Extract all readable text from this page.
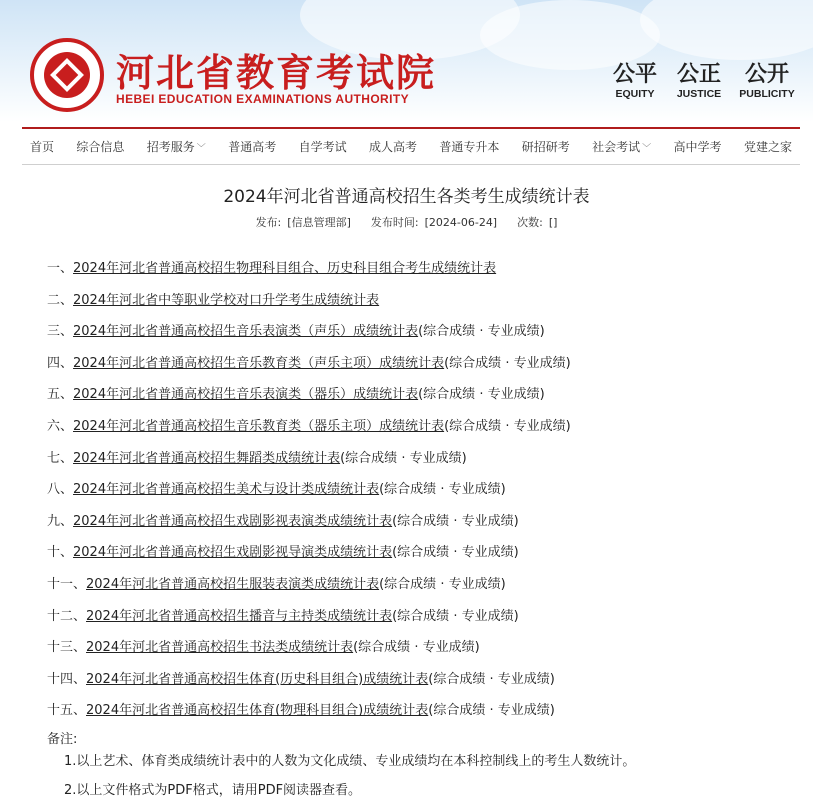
河北省教育考试院
HEBEI EDUCATION EXAMINATIONS AUTHORITY
公平
EQUITY
公正
JUSTICE
公开
PUBLICITY
首页 综合信息 招考服务 ﹀ 普通高考 自学考试 成人高考 普通专升本 研招研考 社会考试 ﹀ 高中学考 党建之家
2024年河北省普通高校招生各类考生成绩统计表
发布: [信息管理部] 发布时间: [2024-06-24] 次数: []
一、2024年河北省普通高校招生物理科目组合、历史科目组合考生成绩统计表
二、2024年河北省中等职业学校对口升学考生成绩统计表
三、2024年河北省普通高校招生音乐表演类（声乐）成绩统计表(综合成绩 · 专业成绩)
四、2024年河北省普通高校招生音乐教育类（声乐主项）成绩统计表(综合成绩 · 专业成绩)
五、2024年河北省普通高校招生音乐表演类（器乐）成绩统计表(综合成绩 · 专业成绩)
六、2024年河北省普通高校招生音乐教育类（器乐主项）成绩统计表(综合成绩 · 专业成绩)
七、2024年河北省普通高校招生舞蹈类成绩统计表(综合成绩 · 专业成绩)
八、2024年河北省普通高校招生美术与设计类成绩统计表(综合成绩 · 专业成绩)
九、2024年河北省普通高校招生戏剧影视表演类成绩统计表(综合成绩 · 专业成绩)
十、2024年河北省普通高校招生戏剧影视导演类成绩统计表(综合成绩 · 专业成绩)
十一、2024年河北省普通高校招生服装表演类成绩统计表(综合成绩 · 专业成绩)
十二、2024年河北省普通高校招生播音与主持类成绩统计表(综合成绩 · 专业成绩)
十三、2024年河北省普通高校招生书法类成绩统计表(综合成绩 · 专业成绩)
十四、2024年河北省普通高校招生体育(历史科目组合)成绩统计表(综合成绩 · 专业成绩)
十五、2024年河北省普通高校招生体育(物理科目组合)成绩统计表(综合成绩 · 专业成绩)
备注:
1.以上艺术、体育类成绩统计表中的人数为文化成绩、专业成绩均在本科控制线上的考生人数统计。
2.以上文件格式为PDF格式，请用PDF阅读器查看。
